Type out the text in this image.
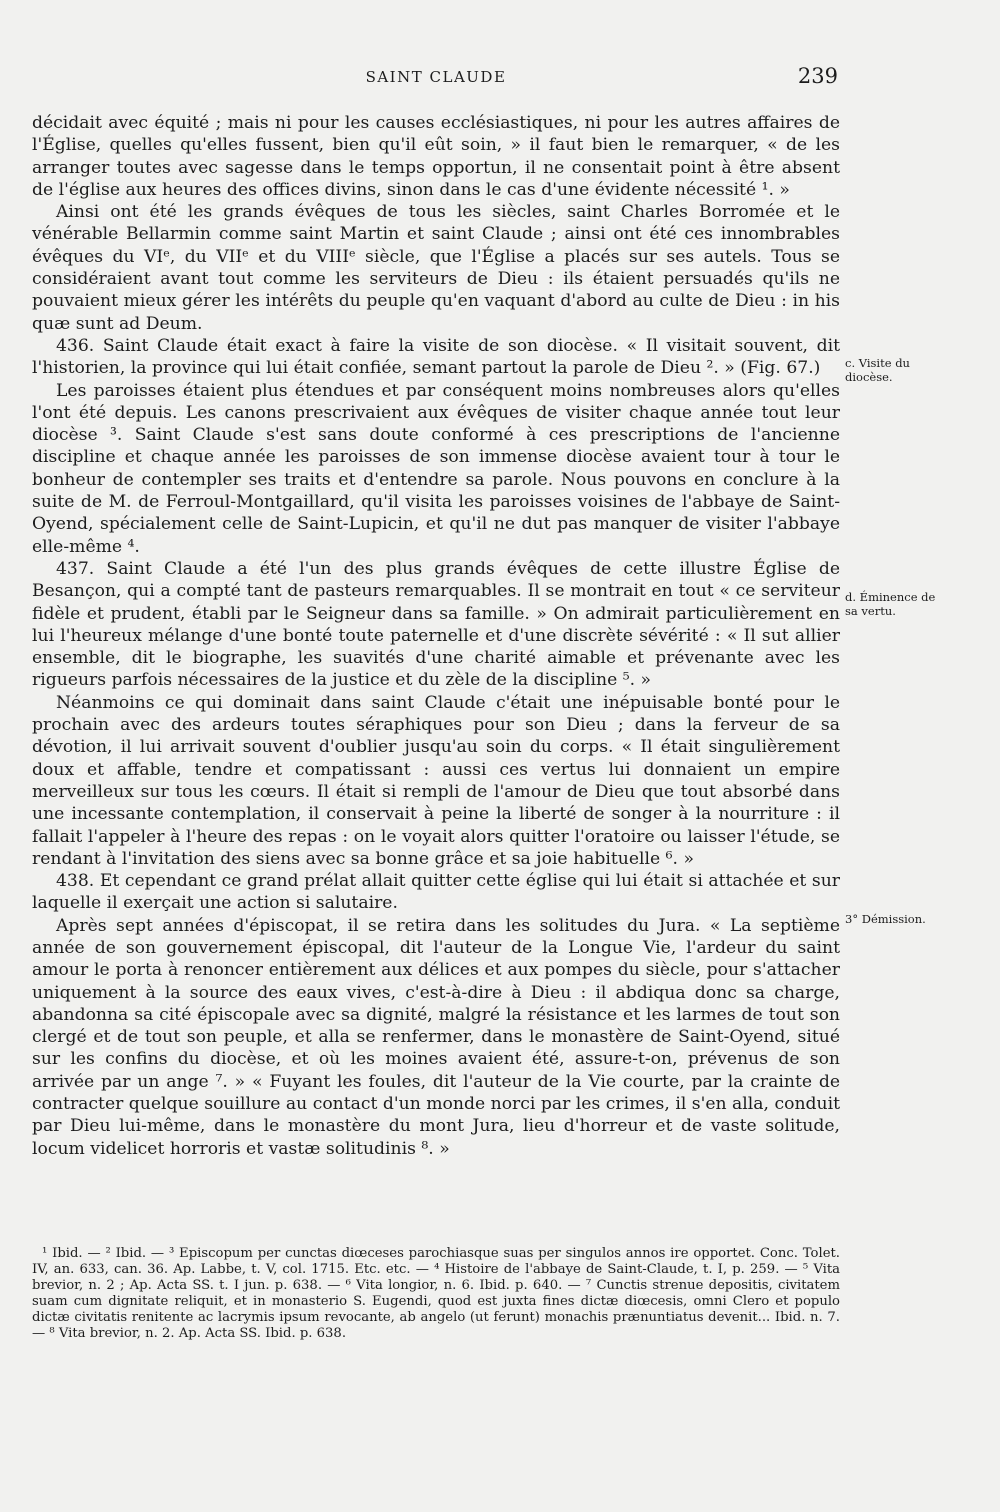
SAINT CLAUDE	239

décidait avec équité ; mais ni pour les causes ecclésiastiques, ni pour les autres affaires de l'Église, quelles qu'elles fussent, bien qu'il eût soin, » il faut bien le remarquer, « de les arranger toutes avec sagesse dans le temps opportun, il ne consentait point à être absent de l'église aux heures des offices divins, sinon dans le cas d'une évidente nécessité ¹. »

Ainsi ont été les grands évêques de tous les siècles, saint Charles Borromée et le vénérable Bellarmin comme saint Martin et saint Claude ; ainsi ont été ces innombrables évêques du VIᵉ, du VIIᵉ et du VIIIᵉ siècle, que l'Église a placés sur ses autels. Tous se considéraient avant tout comme les serviteurs de Dieu : ils étaient persuadés qu'ils ne pouvaient mieux gérer les intérêts du peuple qu'en vaquant d'abord au culte de Dieu : in his quæ sunt ad Deum.

436. Saint Claude était exact à faire la visite de son diocèse. « Il visitait souvent, dit l'historien, la province qui lui était confiée, semant partout la parole de Dieu ². » (Fig. 67.)

Les paroisses étaient plus étendues et par conséquent moins nombreuses alors qu'elles l'ont été depuis. Les canons prescrivaient aux évêques de visiter chaque année tout leur diocèse ³. Saint Claude s'est sans doute conformé à ces prescriptions de l'ancienne discipline et chaque année les paroisses de son immense diocèse avaient tour à tour le bonheur de contempler ses traits et d'entendre sa parole. Nous pouvons en conclure à la suite de M. de Ferroul-Montgaillard, qu'il visita les paroisses voisines de l'abbaye de Saint-Oyend, spécialement celle de Saint-Lupicin, et qu'il ne dut pas manquer de visiter l'abbaye elle-même ⁴.

437. Saint Claude a été l'un des plus grands évêques de cette illustre Église de Besançon, qui a compté tant de pasteurs remarquables. Il se montrait en tout « ce serviteur fidèle et prudent, établi par le Seigneur dans sa famille. » On admirait particulièrement en lui l'heureux mélange d'une bonté toute paternelle et d'une discrète sévérité : « Il sut allier ensemble, dit le biographe, les suavités d'une charité aimable et prévenante avec les rigueurs parfois nécessaires de la justice et du zèle de la discipline ⁵. »

Néanmoins ce qui dominait dans saint Claude c'était une inépuisable bonté pour le prochain avec des ardeurs toutes séraphiques pour son Dieu ; dans la ferveur de sa dévotion, il lui arrivait souvent d'oublier jusqu'au soin du corps. « Il était singulièrement doux et affable, tendre et compatissant : aussi ces vertus lui donnaient un empire merveilleux sur tous les cœurs. Il était si rempli de l'amour de Dieu que tout absorbé dans une incessante contemplation, il conservait à peine la liberté de songer à la nourriture : il fallait l'appeler à l'heure des repas : on le voyait alors quitter l'oratoire ou laisser l'étude, se rendant à l'invitation des siens avec sa bonne grâce et sa joie habituelle ⁶. »

438. Et cependant ce grand prélat allait quitter cette église qui lui était si attachée et sur laquelle il exerçait une action si salutaire.

Après sept années d'épiscopat, il se retira dans les solitudes du Jura. « La septième année de son gouvernement épiscopal, dit l'auteur de la Longue Vie, l'ardeur du saint amour le porta à renoncer entièrement aux délices et aux pompes du siècle, pour s'attacher uniquement à la source des eaux vives, c'est-à-dire à Dieu : il abdiqua donc sa charge, abandonna sa cité épiscopale avec sa dignité, malgré la résistance et les larmes de tout son clergé et de tout son peuple, et alla se renfermer, dans le monastère de Saint-Oyend, situé sur les confins du diocèse, et où les moines avaient été, assure-t-on, prévenus de son arrivée par un ange ⁷. » « Fuyant les foules, dit l'auteur de la Vie courte, par la crainte de contracter quelque souillure au contact d'un monde norci par les crimes, il s'en alla, conduit par Dieu lui-même, dans le monastère du mont Jura, lieu d'horreur et de vaste solitude, locum videlicet horroris et vastæ solitudinis ⁸. »

c. Visite du diocèse.
d. Éminence de sa vertu.
3° Démission.

¹ Ibid. — ² Ibid. — ³ Episcopum per cunctas diœceses parochiasque suas per singulos annos ire opportet. Conc. Tolet. IV, an. 633, can. 36. Ap. Labbe, t. V, col. 1715. Etc. etc. — ⁴ Histoire de l'abbaye de Saint-Claude, t. I, p. 259. — ⁵ Vita brevior, n. 2 ; Ap. Acta SS. t. I jun. p. 638. — ⁶ Vita longior, n. 6. Ibid. p. 640. — ⁷ Cunctis strenue depositis, civitatem suam cum dignitate reliquit, et in monasterio S. Eugendi, quod est juxta fines dictæ diœcesis, omni Clero et populo dictæ civitatis renitente ac lacrymis ipsum revocante, ab angelo (ut ferunt) monachis prænuntiatus devenit... Ibid. n. 7. — ⁸ Vita brevior, n. 2. Ap. Acta SS. Ibid. p. 638.
